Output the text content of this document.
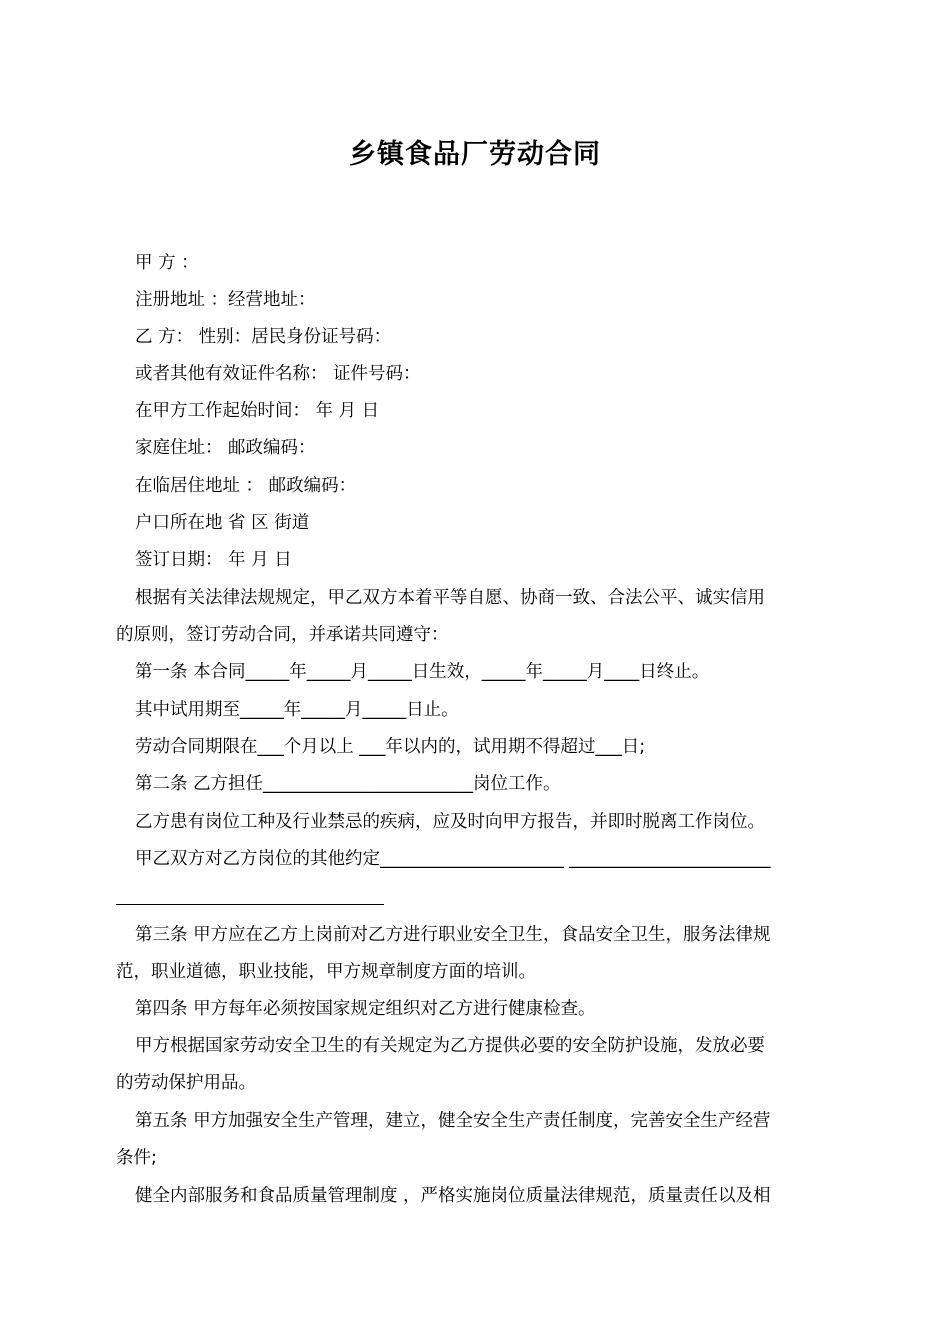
乡镇食品厂劳动合同

甲 方 ：

注册地址 ：经营地址：

乙 方： 性别：居民身份证号码：

或者其他有效证件名称： 证件号码：

在甲方工作起始时间： 年 月 日

家庭住址： 邮政编码：

在临居住地址 ： 邮政编码：

户口所在地 省 区 街道

签订日期： 年 月 日

根据有关法律法规规定，甲乙双方本着平等自愿、协商一致、合法公平、诚实信用

的原则，签订劳动合同，并承诺共同遵守：

第一条 本合同_____年_____月_____日生效，_____年_____月____日终止。

其中试用期至_____年_____月_____日止。

劳动合同期限在___个月以上 ___年以内的，试用期不得超过___日;

第二条 乙方担任________________________岗位工作。

乙方患有岗位工种及行业禁忌的疾病，应及时向甲方报告，并即时脱离工作岗位。

甲乙双方对乙方岗位的其他约定_____________________ _______________________

第三条 甲方应在乙方上岗前对乙方进行职业安全卫生，食品安全卫生，服务法律规

范，职业道德，职业技能，甲方规章制度方面的培训。

第四条 甲方每年必须按国家规定组织对乙方进行健康检查。

甲方根据国家劳动安全卫生的有关规定为乙方提供必要的安全防护设施，发放必要

的劳动保护用品。

第五条 甲方加强安全生产管理，建立，健全安全生产责任制度，完善安全生产经营

条件;

健全内部服务和食品质量管理制度 ，严格实施岗位质量法律规范，质量责任以及相
